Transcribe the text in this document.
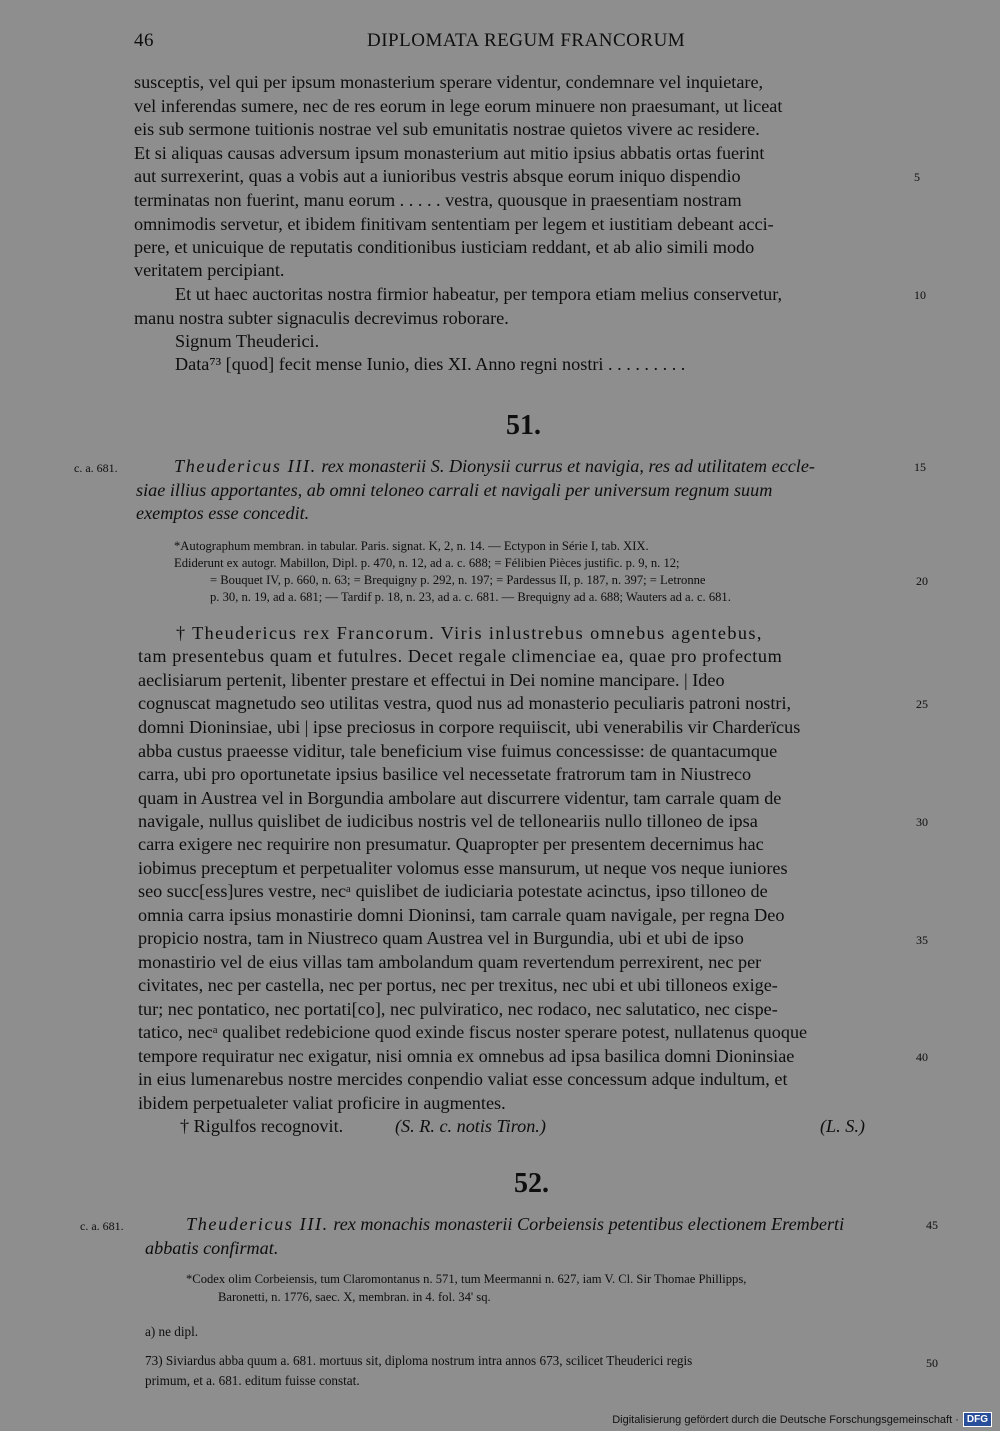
46	DIPLOMATA REGUM FRANCORUM
susceptis, vel qui per ipsum monasterium sperare videntur, condemnare vel inquietare,
vel inferendas sumere, nec de res eorum in lege eorum minuere non praesumant, ut liceat
eis sub sermone tuitionis nostrae vel sub emunitatis nostrae quietos vivere ac residere.
Et si aliquas causas adversum ipsum monasterium aut mitio ipsius abbatis ortas fuerint
aut surrexerint, quas a vobis aut a iunioribus vestris absque eorum iniquo dispendio
terminatas non fuerint, manu eorum . . . . . vestra, quousque in praesentiam nostram
omnimodis servetur, et ibidem finitivam sententiam per legem et iustitiam debeant acci-
pere, et unicuique de reputatis conditionibus iusticiam reddant, et ab alio simili modo
veritatem percipiant.
Et ut haec auctoritas nostra firmior habeatur, per tempora etiam melius conservetur,
manu nostra subter signaculis decrevimus roborare.
Signum Theuderici.
Data⁷³ [quod] fecit mense Iunio, dies XI. Anno regni nostri . . . . . . . . .
5
10
51.
c. a. 681.	Theudericus III. rex monasterii S. Dionysii currus et navigia, res ad utilitatem eccle-
siae illius apportantes, ab omni teloneo carrali et navigali per universum regnum suum
exemptos esse concedit.
15
*Autographum membran. in tabular. Paris. signat. K, 2, n. 14. — Ectypon in Série I, tab. XIX.
Ediderunt ex autogr. Mabillon, Dipl. p. 470, n. 12, ad a. c. 688; = Félibien Pièces justific. p. 9, n. 12;
= Bouquet IV, p. 660, n. 63; = Brequigny p. 292, n. 197; = Pardessus II, p. 187, n. 397; = Letronne
p. 30, n. 19, ad a. 681; — Tardif p. 18, n. 23, ad a. c. 681. — Brequigny ad a. 688; Wauters ad a. c. 681.
20
† Theudericus rex Francorum. Viris inlustrebus omnebus agentebus,
tam presentebus quam et futulres. Decet regale climenciae ea, quae pro profectum
aeclisiarum pertenit, libenter prestare et effectui in Dei nomine mancipare. | Ideo
cognuscat magnetudo seo utilitas vestra, quod nus ad monasterio peculiaris patroni nostri,
domni Dioninsiae, ubi | ipse preciosus in corpore requiiscit, ubi venerabilis vir Charderïcus
abba custus praeesse viditur, tale beneficium vise fuimus concessisse: de quantacumque
carra, ubi pro oportunetate ipsius basilice vel necessetate fratrorum tam in Niustreco
quam in Austrea vel in Borgundia ambolare aut discurrere videntur, tam carrale quam de
navigale, nullus quislibet de iudicibus nostris vel de telloneariis nullo tilloneo de ipsa
carra exigere nec requirire non presumatur. Quapropter per presentem decernimus hac
iobimus preceptum et perpetualiter volomus esse mansurum, ut neque vos neque iuniores
seo succ[ess]ures vestre, necᵃ quislibet de iudiciaria potestate acinctus, ipso tilloneo de
omnia carra ipsius monastirie domni Dioninsi, tam carrale quam navigale, per regna Deo
propicio nostra, tam in Niustreco quam Austrea vel in Burgundia, ubi et ubi de ipso
monastirio vel de eius villas tam ambolandum quam revertendum perrexirent, nec per
civitates, nec per castella, nec per portus, nec per trexitus, nec ubi et ubi tilloneos exige-
tur; nec pontatico, nec portati[co], nec pulviratico, nec rodaco, nec salutatico, nec cispe-
tatico, necᵃ qualibet redebicione quod exinde fiscus noster sperare potest, nullatenus quoque
tempore requiratur nec exigatur, nisi omnia ex omnebus ad ipsa basilica domni Dioninsiae
in eius lumenarebus nostre mercides conpendio valiat esse concessum adque indultum, et
ibidem perpetualeter valiat proficire in augmentes.
25
30
35
40
† Rigulfos recognovit.	(S. R. c. notis Tiron.)	(L. S.)
52.
c. a. 681.	Theudericus III. rex monachis monasterii Corbeiensis petentibus electionem Eremberti
abbatis confirmat.
45
*Codex olim Corbeiensis, tum Claromontanus n. 571, tum Meermanni n. 627, iam V. Cl. Sir Thomae Phillipps,
Baronetti, n. 1776, saec. X, membran. in 4. fol. 34' sq.
a) ne dipl.
73) Siviardus abba quum a. 681. mortuus sit, diploma nostrum intra annos 673, scilicet Theuderici regis
primum, et a. 681. editum fuisse constat.
50
Digitalisierung gefördert durch die Deutsche Forschungsgemeinschaft · DFG
